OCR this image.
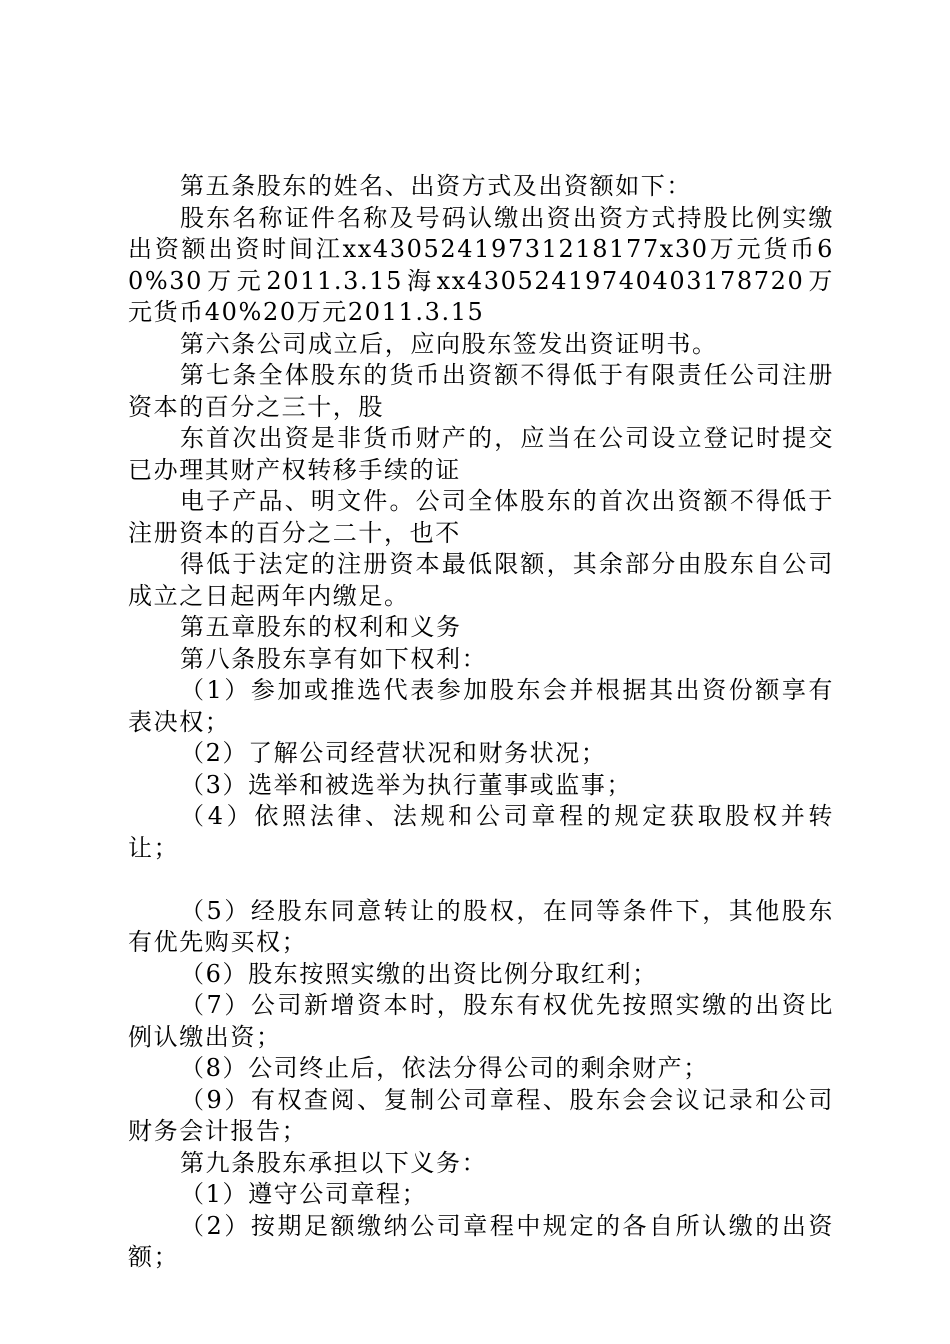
第五条股东的姓名、出资方式及出资额如下：

股东名称证件名称及号码认缴出资出资方式持股比例实缴出资额出资时间江xx43052419731218177x30万元货币60%30万元2011.3.15海xx43052419740403178720万元货币40%20万元2011.3.15

第六条公司成立后，应向股东签发出资证明书。

第七条全体股东的货币出资额不得低于有限责任公司注册资本的百分之三十，股

东首次出资是非货币财产的，应当在公司设立登记时提交已办理其财产权转移手续的证

电子产品、明文件。公司全体股东的首次出资额不得低于注册资本的百分之二十，也不

得低于法定的注册资本最低限额，其余部分由股东自公司成立之日起两年内缴足。

第五章股东的权利和义务

第八条股东享有如下权利：

（1）参加或推选代表参加股东会并根据其出资份额享有表决权；

（2）了解公司经营状况和财务状况；

（3）选举和被选举为执行董事或监事；

（4）依照法律、法规和公司章程的规定获取股权并转让；

（5）经股东同意转让的股权，在同等条件下，其他股东有优先购买权；

（6）股东按照实缴的出资比例分取红利；

（7）公司新增资本时，股东有权优先按照实缴的出资比例认缴出资；

（8）公司终止后，依法分得公司的剩余财产；

（9）有权查阅、复制公司章程、股东会会议记录和公司财务会计报告；

第九条股东承担以下义务：

（1）遵守公司章程；

（2）按期足额缴纳公司章程中规定的各自所认缴的出资额；
